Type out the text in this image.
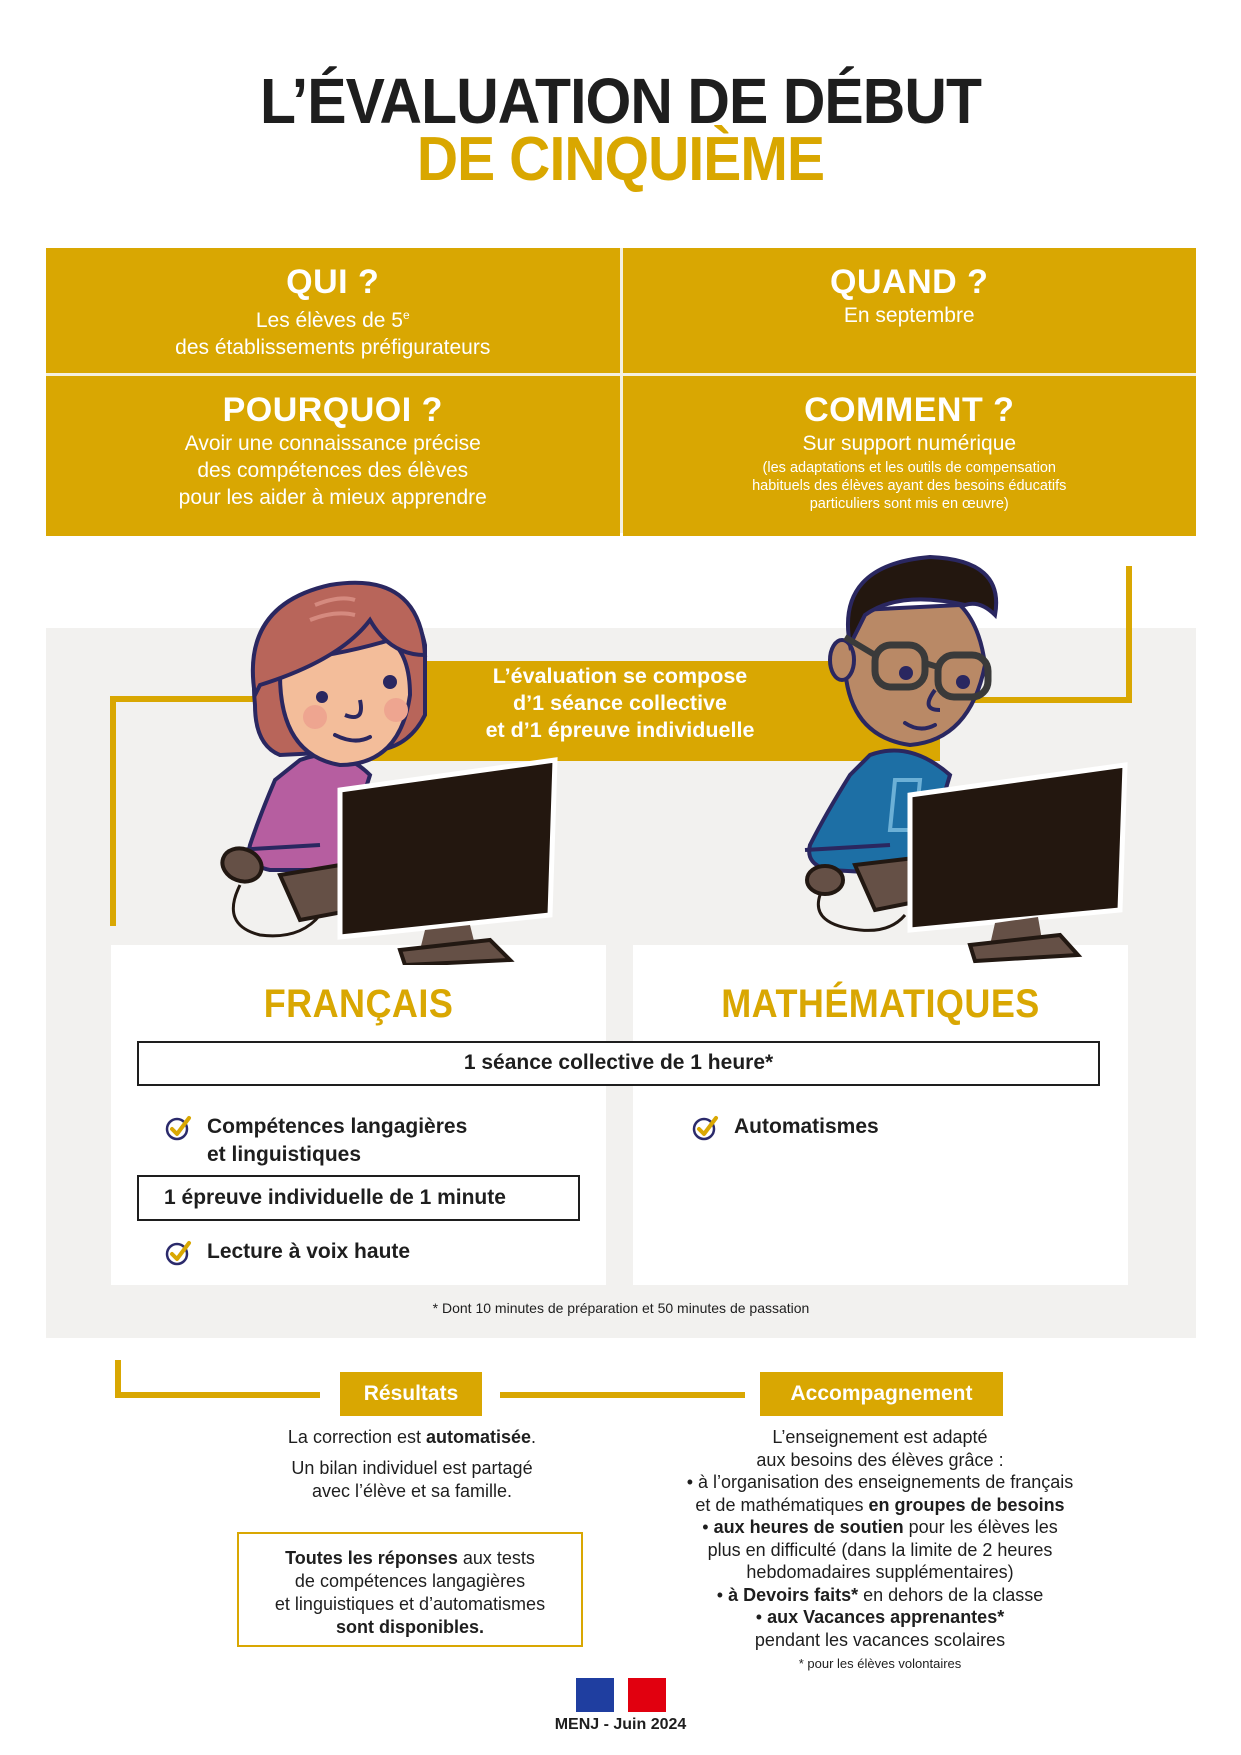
L’ÉVALUATION DE DÉBUT
DE CINQUIÈME
QUI ?

Les élèves de 5e

des établissements préfigurateurs

QUAND ?

En septembre

POURQUOI ?

Avoir une connaissance précise

des compétences des élèves

pour les aider à mieux apprendre

COMMENT ?

Sur support numérique

(les adaptations et les outils de compensation
habituels des élèves ayant des besoins éducatifs
particuliers sont mis en œuvre)

L’évaluation se compose
d’1 séance collective
et d’1 épreuve individuelle
FRANÇAIS	MATHÉMATIQUES
1 séance collective de 1 heure*
Compétences langagières
et linguistiques
1 épreuve individuelle de 1 minute
Lecture à voix haute
Automatismes
* Dont 10 minutes de préparation et 50 minutes de passation
Résultats
La correction est automatisée.
Un bilan individuel est partagé
avec l’élève et sa famille.
Toutes les réponses aux tests
de compétences langagières
et linguistiques et d’automatismes
sont disponibles.
Accompagnement
L’enseignement est adapté
aux besoins des élèves grâce :
• à l’organisation des enseignements de français
et de mathématiques en groupes de besoins
• aux heures de soutien pour les élèves les
plus en difficulté (dans la limite de 2 heures
hebdomadaires supplémentaires)
• à Devoirs faits* en dehors de la classe
• aux Vacances apprenantes*
pendant les vacances scolaires
* pour les élèves volontaires
MENJ - Juin 2024
